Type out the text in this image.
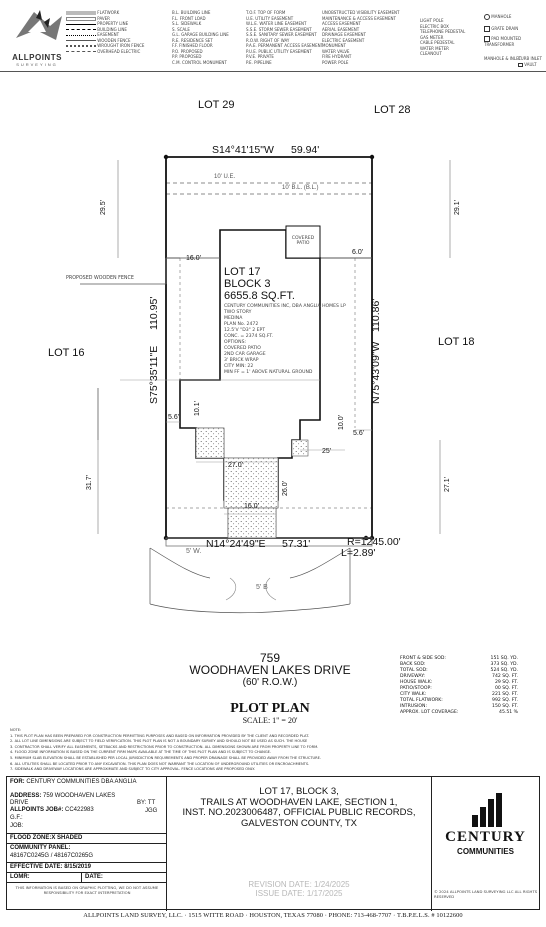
ALLPOINTS
SURVEYING
FLATWORK
PAVER
PROPERTY LINE
BUILDING LINE
EASEMENT
WOODEN FENCE
WROUGHT IRON FENCE
OVERHEAD ELECTRIC
B.L. BUILDING LINE
F.L. FRONT LOAD
S.L. SIDEWALK
S. SCALE
G.L. GARAGE BUILDING LINE
R.E. RESIDENCE SET
F.F. FINISHED FLOOR
P.O. PROPOSED
P.P. PROPOSED
C.M. CONTROL MONUMENT
T.O.F. TOP OF FORM
U.E. UTILITY EASEMENT
W.L.E. WATER LINE EASEMENT
S.S.E. STORM SEWER EASEMENT
S.S.E. SANITARY SEWER EASEMENT
R.O.W. RIGHT OF WAY
P.A.E. PERMANENT ACCESS EASEMENT
P.U.E. PUBLIC UTILITY EASEMENT
P.V.E. PRIVATE
P.E. PIPELINE
UNOBSTRUCTED VISIBILITY EASEMENT
MAINTENANCE & ACCESS EASEMENT
ACCESS EASEMENT
AERIAL EASEMENT
DRAINAGE EASEMENT
ELECTRIC EASEMENT
MONUMENT
WATER VALVE
FIRE HYDRANT
POWER POLE
LIGHT POLE
ELECTRIC BOX
TELEPHONE PEDESTAL
GAS METER
CABLE PEDESTAL
WATER METER
CLEANOUT
MANHOLE
GRATE DRAIN
PAD MOUNTED TRANSFORMER
MANHOLE & INLET
CURB INLET
VAULT
LOT 29	LOT 28
LOT 16
LOT 18
S14°41'15"W 59.94'
S75°35'11"E
110.95'
N75°43'09"W
110.86'
N14°24'49"E 57.31'	R=1245.00'
L=2.89'
29.5'	29.1'
16.0'
6.0'
10' U.E.
10' B.L. (B.L.)
PROPOSED WOODEN FENCE
COVERED PATIO
LOT 17
BLOCK 3
6655.8 SQ.FT.
CENTURY COMMUNITIES INC, DBA ANGLIA HOMES LP
TWO STORY
MEDINA
PLAN No. 2472
12.5'V "D3" 2 EPT
CONC. = 2374 SQ.FT.
OPTIONS:
COVERED PATIO
2ND CAR GARAGE
3' BRICK WRAP
CITY MIN: 22
MIN FF = 1' ABOVE NATURAL GROUND
5.6'
5.6'
27.0'
31.7'	27.1'
26.0'
16.0'
10.0'
25'
10.1'
5' W.
5' B
759
WOODHAVEN LAKES DRIVE
(60' R.O.W.)
PLOT PLAN
SCALE: 1" = 20'
FRONT & SIDE SOD:	151 SQ. YD.
BACK SOD:	373 SQ. YD.
TOTAL SOD:	524 SQ. YD.
DRIVEWAY:	742 SQ. FT.
HOUSE WALK:	29 SQ. FT.
PATIO/STOOP:	00 SQ. FT.
CITY WALK:	221 SQ. FT.
TOTAL FLATWORK:	992 SQ. FT.
INTRUSION:	150 SQ. FT.
APPROX. LOT COVERAGE:	45.51 %
NOTE:
1. THIS PLOT PLAN HAS BEEN PREPARED FOR CONSTRUCTION PERMITTING PURPOSES AND BASED ON INFORMATION PROVIDED BY THE CLIENT AND RECORDED PLAT.
2. ALL LOT LINE DIMENSIONS ARE SUBJECT TO FIELD VERIFICATION. THIS PLOT PLAN IS NOT A BOUNDARY SURVEY AND SHOULD NOT BE USED AS SUCH. THE HOUSE
3. CONTRACTOR SHALL VERIFY ALL EASEMENTS, SETBACKS AND RESTRICTIONS PRIOR TO CONSTRUCTION. ALL DIMENSIONS SHOWN ARE FROM PROPERTY LINE TO FORM.
4. FLOOD ZONE INFORMATION IS BASED ON THE CURRENT FIRM MAPS AVAILABLE AT THE TIME OF THIS PLOT PLAN AND IS SUBJECT TO CHANGE.
5. MINIMUM SLAB ELEVATION SHALL BE ESTABLISHED PER LOCAL JURISDICTION REQUIREMENTS AND PROPER DRAINAGE SHALL BE PROVIDED AWAY FROM THE STRUCTURE.
6. ALL UTILITIES SHALL BE LOCATED PRIOR TO ANY EXCAVATION. THIS PLAN DOES NOT WARRANT THE LOCATION OF UNDERGROUND UTILITIES OR ENCROACHMENTS.
7. SIDEWALK AND DRIVEWAY LOCATIONS ARE APPROXIMATE AND SUBJECT TO CITY APPROVAL. FENCE LOCATIONS ARE PROPOSED ONLY.
FOR: CENTURY COMMUNITIES DBA ANGLIA
ADDRESS: 759 WOODHAVEN LAKES DRIVE	BY: TT
ALLPOINTS JOB#: CC422983	JGG
G.F.:
JOB:
FLOOD ZONE:X SHADED
COMMUNITY PANEL:
48167C0245G / 48167C0265G
EFFECTIVE DATE: 8/15/2019
LOMR:	DATE:
THIS INFORMATION IS BASED ON GRAPHIC PLOTTING, WE DO NOT ASSUME RESPONSIBILITY FOR EXACT INTERPRETATION
LOT 17, BLOCK 3,
TRAILS AT WOODHAVEN LAKE, SECTION 1,
INST. NO.2023006487, OFFICIAL PUBLIC RECORDS,
GALVESTON COUNTY, TX
REVISION DATE: 1/24/2025
ISSUE DATE: 1/17/2025
CENTURY
COMMUNITIES
© 2024 ALLPOINTS LAND SURVEYING LLC ALL RIGHTS RESERVED
ALLPOINTS LAND SURVEY, LLC. · 1515 WITTE ROAD · HOUSTON, TEXAS 77080 · PHONE: 713-468-7707 · T.B.P.E.L.S. # 10122600
